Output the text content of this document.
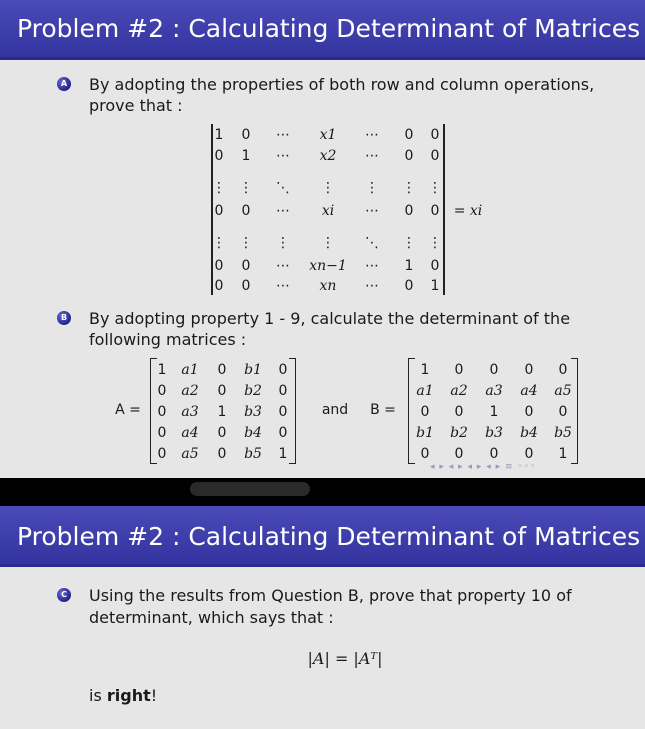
Problem #2 : Calculating Determinant of Matrices
A By adopting the properties of both row and column operations,
prove that :
1
0
⋮
0
⋮
0
0
0
1
⋮
0
⋮
0
0
⋯
⋯
⋱
⋯
⋮
⋯
⋯
x1
x2
⋮
xi
⋮
xn−1
xn
⋯
⋯
⋮
⋯
⋱
⋯
⋯
0
0
⋮
0
⋮
1
0
0
0
⋮
0
⋮
0
1
= xi
B By adopting property 1 - 9, calculate the determinant of the
following matrices :
A =
1
0
0
0
0
a1
a2
a3
a4
a5
0
0
1
0
0
b1
b2
b3
b4
b5
0
0
0
0
1
and B =
1 0 0 0 0
a1 a2 a3 a4 a5
0 0 1 0 0
b1 b2 b3 b4 b5
0 0 0 0 1
◂ ▸ ◂ ▸ ◂ ▸ ◂ ▸ ≡ ◦◦◦
Problem #2 : Calculating Determinant of Matrices
C Using the results from Question B, prove that property 10 of
determinant, which says that :
|A| = |Aᵀ|
is right!
